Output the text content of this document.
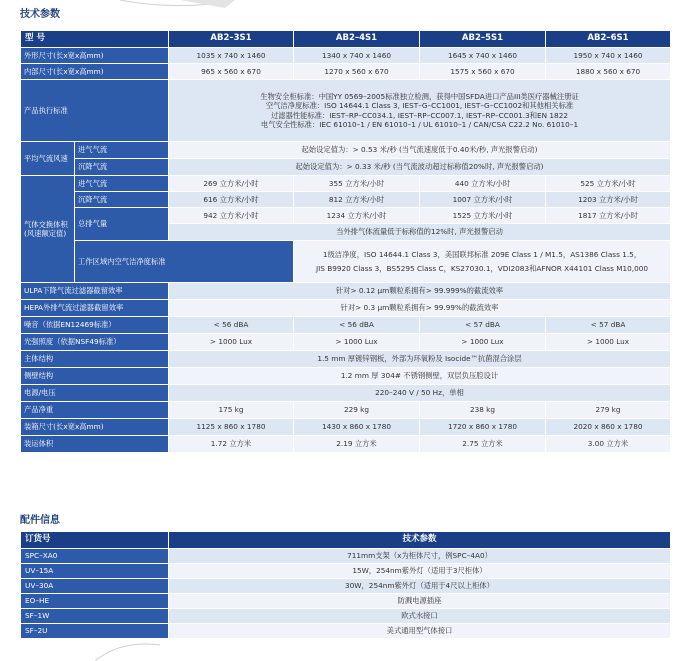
技术参数
型 号		AB2–3S1	AB2–4S1	AB2–5S1	AB2–6S1
外形尺寸(长x宽x高mm)		1035 x 740 x 1460	1340 x 740 x 1460	1645 x 740 x 1460	1950 x 740 x 1460
内部尺寸(长x宽x高mm)		965 x 560 x 670	1270 x 560 x 670	1575 x 560 x 670	1880 x 560 x 670
产品执行标准		生物安全柜标准：中国YY 0569–2005标准独立检测，获得中国SFDA进口产品III类医疗器械注册证
空气洁净度标准：ISO 14644.1 Class 3, IEST–G–CC1001, IEST–G–CC1002和其他相关标准
过滤器性能标准：IEST–RP–CC034.1, IEST–RP–CC007.1, IEST–RP–CC001.3和EN 1822
电气安全性标准：IEC 61010–1 / EN 61010–1 / UL 61010–1 / CAN/CSA C22.2 No. 61010–1			

平均气流风速	进气气流	起始设定值为：> 0.53 米/秒 (当气流速度低于0.40米/秒, 声光报警启动)			
	沉降气流	起始设定值为：> 0.33 米/秒 (当气流波动超过标称值20%时, 声光报警启动)			
气体交换体积(风速额定值)	进气气流	269 立方米/小时	355 立方米/小时	440 立方米/小时	525 立方米/小时
	沉降气流	616 立方米/小时	812 立方米/小时	1007 立方米/小时	1203 立方米/小时
	总排气量	942 立方米/小时	1234 立方米/小时	1525 立方米/小时	1817 立方米/小时
		当外排气体流量低于标称值的12%时, 声光报警启动			
	工作区域内空气洁净度标准		1级洁净度，ISO 14644.1 Class 3，美国联邦标准 209E Class 1 / M1.5，AS1386 Class 1.5，
JIS B9920 Class 3，BS5295 Class C，KS27030.1，VDI2083和AFNOR X44101 Class M10,000		

ULPA下降气流过滤器截留效率		针对> 0.12 μm颗粒系拥有> 99.999%的截流效率			
HEPA外排气流过滤器截留效率		针对> 0.3 μm颗粒系拥有> 99.99%的截流效率			
噪音（依据EN12469标准）		< 56 dBA	< 56 dBA	< 57 dBA	< 57 dBA
光强照度（依据NSF49标准）		> 1000 Lux	> 1000 Lux	> 1000 Lux	> 1000 Lux
主体结构		1.5 mm 厚镀锌钢板，外部为环氧粉及 Isocide™抗菌混合涂层			
侧壁结构		1.2 mm 厚 304# 不锈钢侧壁，双层负压腔设计			
电源/电压		220–240 V / 50 Hz，单相			
产品净重		175 kg	229 kg	238 kg	279 kg
装箱尺寸(长x宽x高mm)		1125 x 860 x 1780	1430 x 860 x 1780	1720 x 860 x 1780	2020 x 860 x 1780
装运体积		1.72 立方米	2.19 立方米	2.75 立方米	3.00 立方米
配件信息
订货号	技术参数
SPC–XA0	711mm支架（x为柜体尺寸，例SPC–4A0）
UV–15A	15W，254nm紫外灯（适用于3尺柜体）
UV–30A	30W，254nm紫外灯（适用于4尺以上柜体）
EO–HE	防溅电源插座
SF–1W	欧式水接口
SF–2U	美式通用型气体接口
